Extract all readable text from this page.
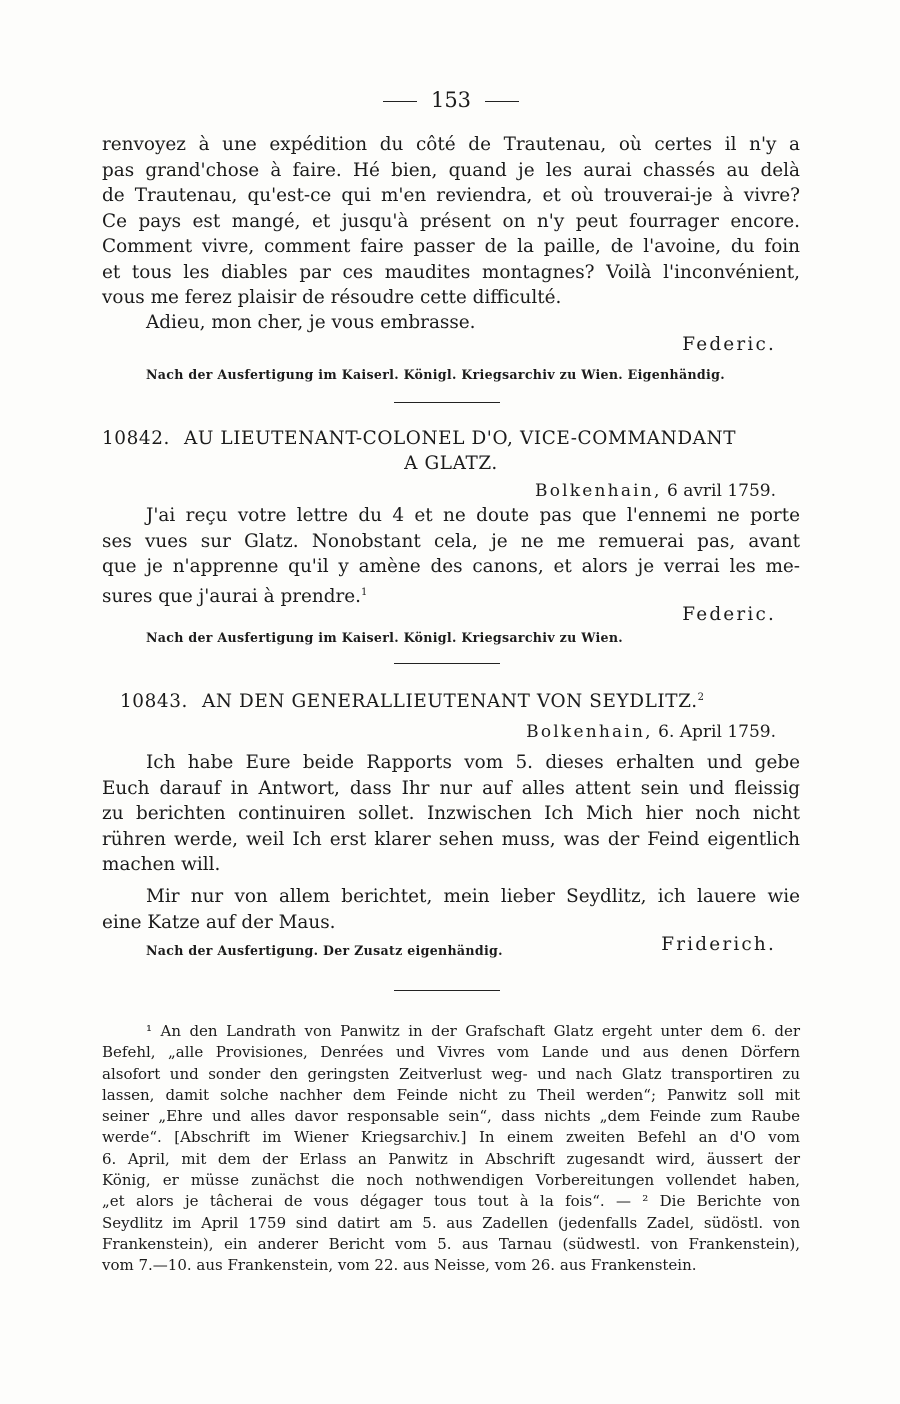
153

renvoyez à une expédition du côté de Trautenau, où certes il n'y a
pas grand'chose à faire. Hé bien, quand je les aurai chassés au delà
de Trautenau, qu'est-ce qui m'en reviendra, et où trouverai-je à vivre?
Ce pays est mangé, et jusqu'à présent on n'y peut fourrager encore.
Comment vivre, comment faire passer de la paille, de l'avoine, du foin
et tous les diables par ces maudites montagnes? Voilà l'inconvénient,
vous me ferez plaisir de résoudre cette difficulté.

Adieu, mon cher, je vous embrasse.

Federic.
Nach der Ausfertigung im Kaiserl. Königl. Kriegsarchiv zu Wien. Eigenhändig.
10842. AU LIEUTENANT-COLONEL D'O, VICE-COMMANDANT
A GLATZ.
Bolkenhain, 6 avril 1759.

J'ai reçu votre lettre du 4 et ne doute pas que l'ennemi ne porte
ses vues sur Glatz. Nonobstant cela, je ne me remuerai pas, avant
que je n'apprenne qu'il y amène des canons, et alors je verrai les me-
sures que j'aurai à prendre.$^1$

Federic.
Nach der Ausfertigung im Kaiserl. Königl. Kriegsarchiv zu Wien.
10843. AN DEN GENERALLIEUTENANT VON SEYDLITZ.$^2$
Bolkenhain, 6. April 1759.

Ich habe Eure beide Rapports vom 5. dieses erhalten und gebe
Euch darauf in Antwort, dass Ihr nur auf alles attent sein und fleissig
zu berichten continuiren sollet. Inzwischen Ich Mich hier noch nicht
rühren werde, weil Ich erst klarer sehen muss, was der Feind eigentlich
machen will.

Mir nur von allem berichtet, mein lieber Seydlitz, ich lauere wie
eine Katze auf der Maus.

Nach der Ausfertigung. Der Zusatz eigenhändig.	Friderich.

¹ An den Landrath von Panwitz in der Grafschaft Glatz ergeht unter dem 6. der
Befehl, „alle Provisiones, Denrées und Vivres vom Lande und aus denen Dörfern
alsofort und sonder den geringsten Zeitverlust weg- und nach Glatz transportiren zu
lassen, damit solche nachher dem Feinde nicht zu Theil werden“; Panwitz soll mit
seiner „Ehre und alles davor responsable sein“, dass nichts „dem Feinde zum Raube
werde“. [Abschrift im Wiener Kriegsarchiv.] In einem zweiten Befehl an d'O vom
6. April, mit dem der Erlass an Panwitz in Abschrift zugesandt wird, äussert der
König, er müsse zunächst die noch nothwendigen Vorbereitungen vollendet haben,
„et alors je tâcherai de vous dégager tous tout à la fois“. — ² Die Berichte von
Seydlitz im April 1759 sind datirt am 5. aus Zadellen (jedenfalls Zadel, südöstl. von
Frankenstein), ein anderer Bericht vom 5. aus Tarnau (südwestl. von Frankenstein),
vom 7.—10. aus Frankenstein, vom 22. aus Neisse, vom 26. aus Frankenstein.
